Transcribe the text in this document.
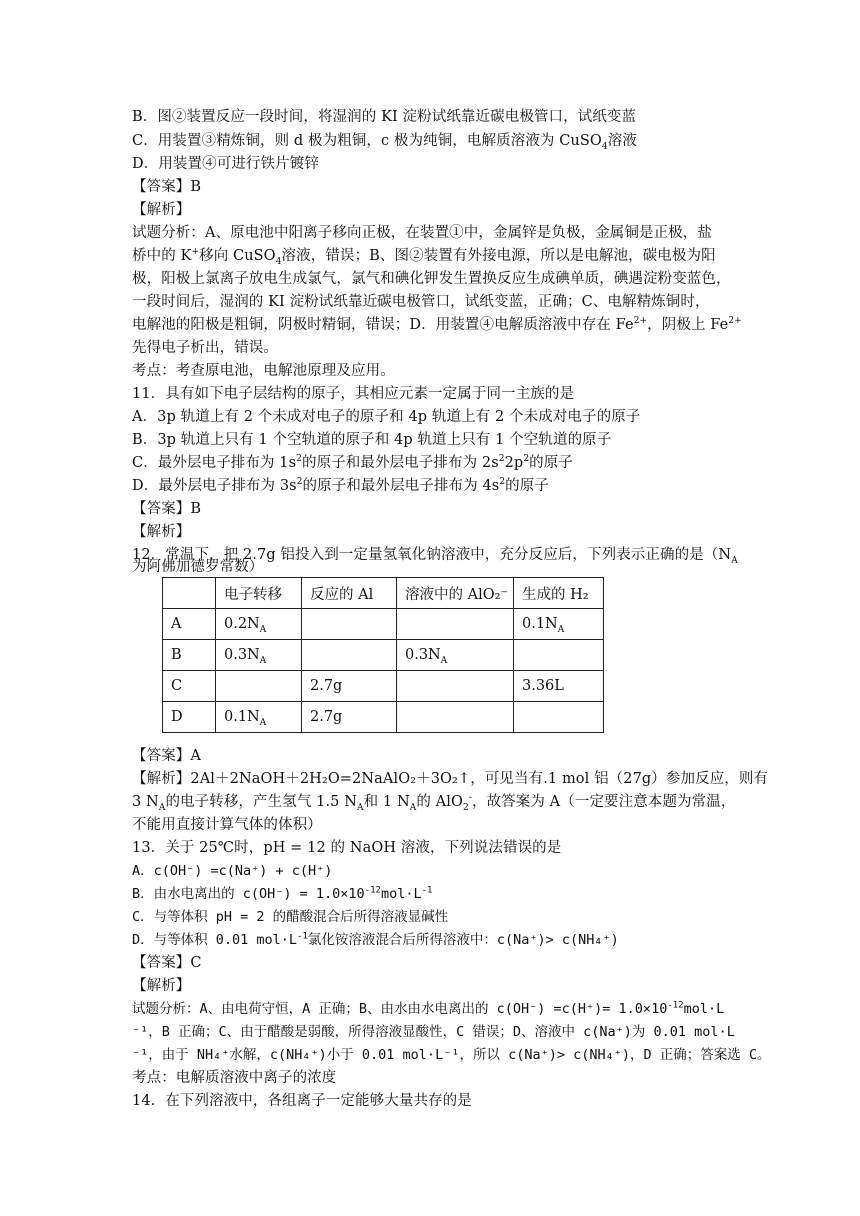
B．图②装置反应一段时间，将湿润的 KI 淀粉试纸靠近碳电极管口，试纸变蓝
C．用装置③精炼铜，则 d 极为粗铜，c 极为纯铜，电解质溶液为 CuSO$_4$溶液
D．用装置④可进行铁片镀锌
【答案】B
【解析】
试题分析：A、原电池中阳离子移向正极，在装置①中，金属锌是负极，金属铜是正极，盐
桥中的 K+移向 CuSO$_4$溶液，错误；B、图②装置有外接电源，所以是电解池，碳电极为阳
极，阳极上氯离子放电生成氯气，氯气和碘化钾发生置换反应生成碘单质，碘遇淀粉变蓝色，
一段时间后，湿润的 KI 淀粉试纸靠近碳电极管口，试纸变蓝，正确；C、电解精炼铜时，
电解池的阳极是粗铜，阴极时精铜，错误；D．用装置④电解质溶液中存在 $Fe^{2+}$，阴极上 $Fe^{2+}$
先得电子析出，错误。
考点：考查原电池，电解池原理及应用。
11．具有如下电子层结构的原子，其相应元素一定属于同一主族的是
A．3p 轨道上有 2 个未成对电子的原子和 4p 轨道上有 2 个未成对电子的原子
B．3p 轨道上只有 1 个空轨道的原子和 4p 轨道上只有 1 个空轨道的原子
C．最外层电子排布为 $1s^2$的原子和最外层电子排布为 $2s^22p^2$的原子
D．最外层电子排布为 $3s^2$的原子和最外层电子排布为 $4s^2$的原子
【答案】B
【解析】
12．常温下，把 2.7g 铝投入到一定量氢氧化钠溶液中，充分反应后，下列表示正确的是（$N_A$
为阿佛加德罗常数）
	电子转移	反应的 Al	溶液中的 AlO₂⁻	生成的 H₂
A	$0.2N_A$			$0.1N_A$
B	$0.3N_A$		$0.3N_A$	
C		2.7g		3.36L
D	$0.1N_A$	2.7g		
【答案】A
【解析】2Al＋2NaOH＋2H₂O=2NaAlO₂＋3O₂↑，可见当有.1 mol 铝（27g）参加反应，则有
3 $N_A$的电子转移，产生氢气 1.5 $N_A$和 1 $N_A$的 AlO$_2$-，故答案为 A（一定要注意本题为常温，
不能用直接计算气体的体积）
13．关于 25℃时，pH = 12 的 NaOH 溶液，下列说法错误的是
A．c(OH⁻) =c(Na⁺) + c(H⁺)
B．由水电离出的 $c(OH^-) = 1.0\times 10^{-12}mol\cdot L^{-1}$
C．与等体积 pH = 2 的醋酸混合后所得溶液显碱性
D．与等体积 0.01 $mol\cdot L^{-1}$氯化铵溶液混合后所得溶液中：c(Na⁺)> c(NH₄⁺)
【答案】C
【解析】
试题分析：A、由电荷守恒，A 正确；B、由水由水电离出的 $c(OH^-) =c(H^+)= 1.0\times 10^{-12}mol\cdot L$
⁻¹，B 正确；C、由于醋酸是弱酸，所得溶液显酸性，C 错误；D、溶液中 c(Na⁺)为 0.01 mol·L
⁻¹，由于 NH₄⁺水解，c(NH₄⁺)小于 0.01 mol·L⁻¹，所以 c(Na⁺)> c(NH₄⁺)，D 正确；答案选 C。
考点：电解质溶液中离子的浓度
14．在下列溶液中，各组离子一定能够大量共存的是
